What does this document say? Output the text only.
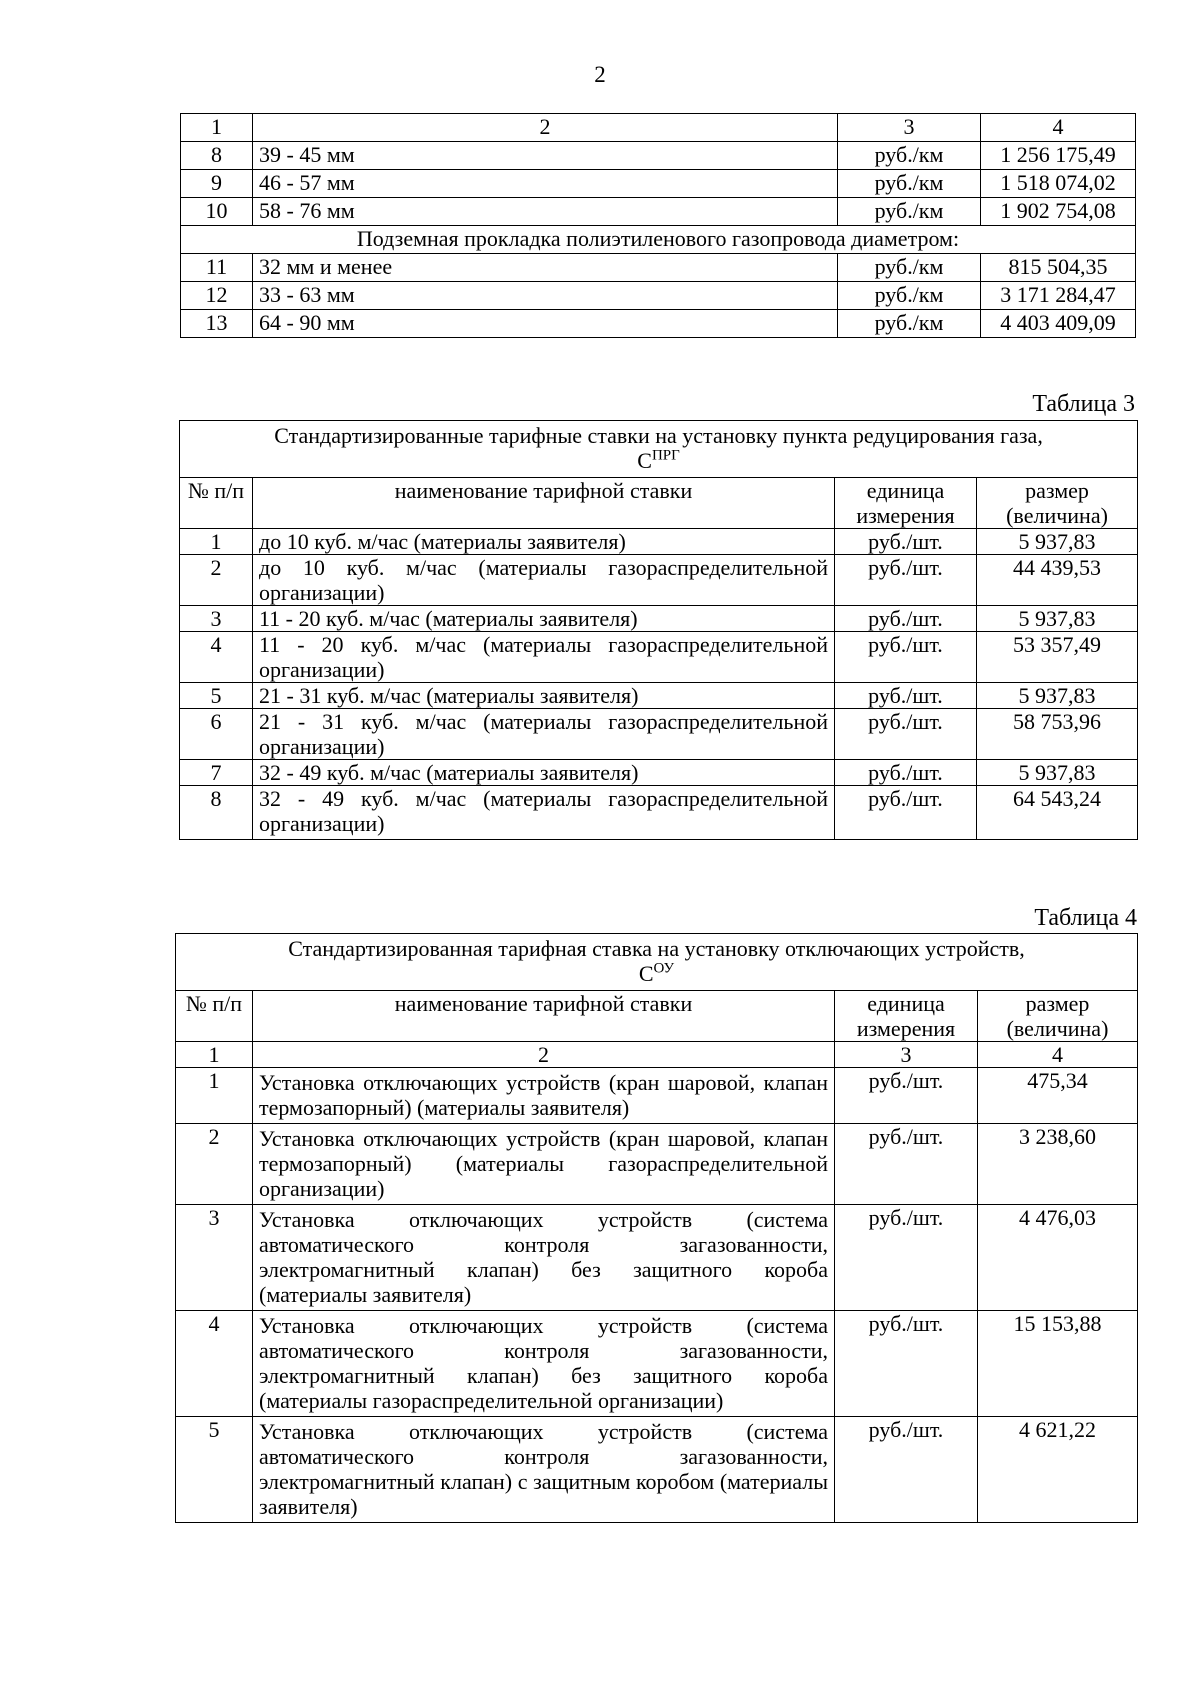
2
1	2	3	4
8	39 - 45 мм	руб./км	1 256 175,49
9	46 - 57 мм	руб./км	1 518 074,02
10	58 - 76 мм	руб./км	1 902 754,08
Подземная прокладка полиэтиленового газопровода диаметром:			
11	32 мм и менее	руб./км	815 504,35
12	33 - 63 мм	руб./км	3 171 284,47
13	64 - 90 мм	руб./км	4 403 409,09
Таблица 3
Стандартизированные тарифные ставки на установку пункта редуцирования газа,
$C^{ПРГ}$

№ п/п	наименование тарифной ставки	единица измерения	размер (величина)
1	до 10 куб. м/час (материалы заявителя)	руб./шт.	5 937,83
2	до 10 куб. м/час (материалы газораспределительной организации)	руб./шт.	44 439,53
3	11 - 20 куб. м/час (материалы заявителя)	руб./шт.	5 937,83
4	11 - 20 куб. м/час (материалы газораспределительной организации)	руб./шт.	53 357,49
5	21 - 31 куб. м/час (материалы заявителя)	руб./шт.	5 937,83
6	21 - 31 куб. м/час (материалы газораспределительной организации)	руб./шт.	58 753,96
7	32 - 49 куб. м/час (материалы заявителя)	руб./шт.	5 937,83
8	32 - 49 куб. м/час (материалы газораспределительной организации)	руб./шт.	64 543,24
Таблица 4
Стандартизированная тарифная ставка на установку отключающих устройств,
$C^{ОУ}$

№ п/п	наименование тарифной ставки	единица измерения	размер (величина)
1	2	3	4
1	Установка отключающих устройств (кран шаровой, клапан термозапорный) (материалы заявителя)	руб./шт.	475,34
2	Установка отключающих устройств (кран шаровой, клапан термозапорный) (материалы газораспределительной организации)	руб./шт.	3 238,60
3	Установка отключающих устройств (система автоматического контроля загазованности, электромагнитный клапан) без защитного короба (материалы заявителя)	руб./шт.	4 476,03
4	Установка отключающих устройств (система автоматического контроля загазованности, электромагнитный клапан) без защитного короба (материалы газораспределительной организации)	руб./шт.	15 153,88
5	Установка отключающих устройств (система автоматического контроля загазованности, электромагнитный клапан) с защитным коробом (материалы заявителя)	руб./шт.	4 621,22
